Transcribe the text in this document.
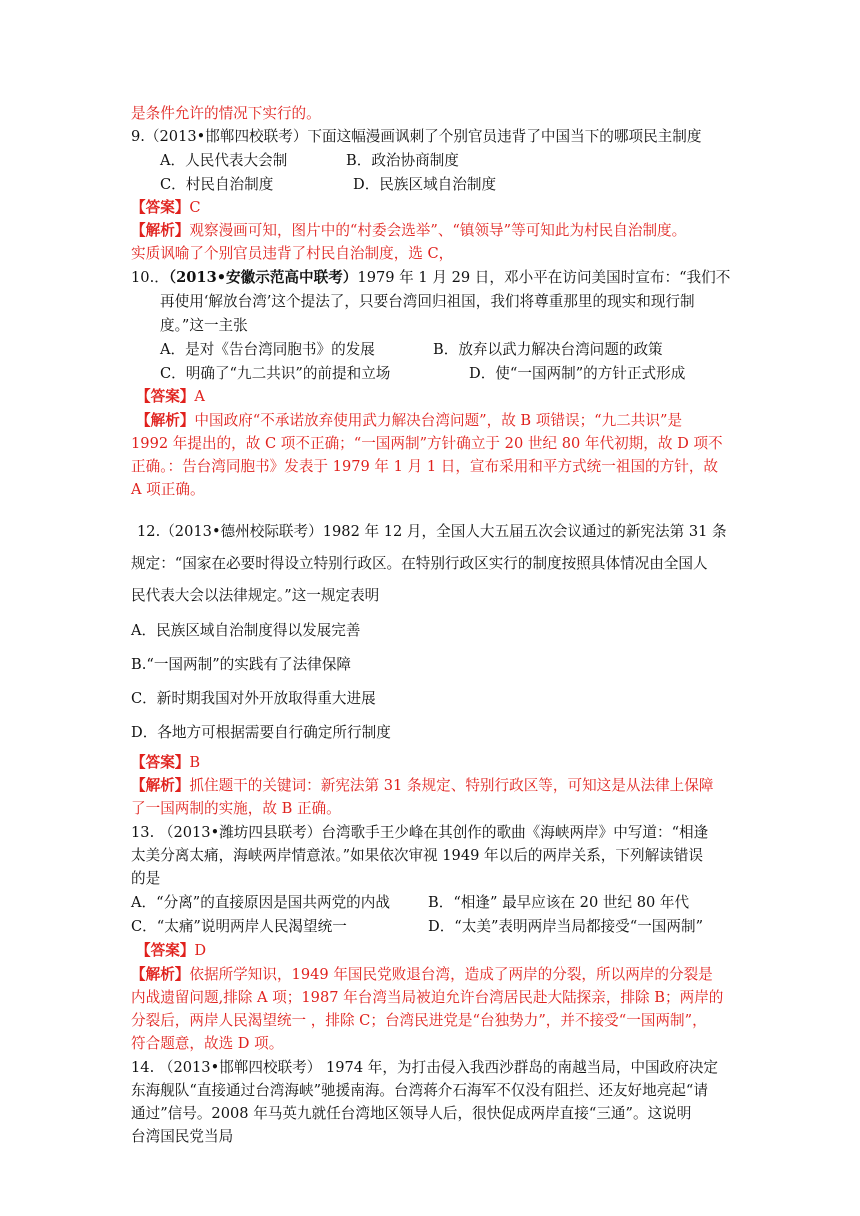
是条件允许的情况下实行的。
9.（2013•邯郸四校联考）下面这幅漫画讽刺了个别官员违背了中国当下的哪项民主制度
A．人民代表大会制	B．政治协商制度
C．村民自治制度	D．民族区域自治制度
【答案】C
【解析】观察漫画可知，图片中的“村委会选举”、“镇领导”等可知此为村民自治制度。
实质讽喻了个别官员违背了村民自治制度，选 C，
10.．（2013•安徽示范高中联考）1979 年 1 月 29 日，邓小平在访问美国时宣布：“我们不
再使用‘解放台湾’这个提法了，只要台湾回归祖国，我们将尊重那里的现实和现行制
度。”这一主张
A．是对《告台湾同胞书》的发展	B．放弃以武力解决台湾问题的政策
C．明确了“九二共识”的前提和立场	D．使“一国两制”的方针正式形成
【答案】A
【解析】中国政府“不承诺放弃使用武力解决台湾问题”，故 B 项错误；“九二共识”是
1992 年提出的，故 C 项不正确；“一国两制”方针确立于 20 世纪 80 年代初期，故 D 项不
正确。：告台湾同胞书》发表于 1979 年 1 月 1 日，宣布采用和平方式统一祖国的方针，故
A 项正确。
12.（2013•德州校际联考）1982 年 12 月，全国人大五届五次会议通过的新宪法第 31 条
规定：“国家在必要时得设立特别行政区。在特别行政区实行的制度按照具体情况由全国人
民代表大会以法律规定。”这一规定表明
A．民族区域自治制度得以发展完善
B.“一国两制”的实践有了法律保障
C．新时期我国对外开放取得重大进展
D．各地方可根据需要自行确定所行制度
【答案】B
【解析】抓住题干的关键词：新宪法第 31 条规定、特别行政区等，可知这是从法律上保障
了一国两制的实施，故 B 正确。
13. （2013•潍坊四县联考）台湾歌手王少峰在其创作的歌曲《海峡两岸》中写道：“相逢
太美分离太痛，海峡两岸情意浓。”如果依次审视 1949 年以后的两岸关系，下列解读错误
的是
A．“分离”的直接原因是国共两党的内战	B．“相逢” 最早应该在 20 世纪 80 年代
C．“太痛”说明两岸人民渴望统一	D．“太美”表明两岸当局都接受“一国两制”
【答案】D
【解析】依据所学知识，1949 年国民党败退台湾，造成了两岸的分裂，所以两岸的分裂是
内战遗留问题,排除 A 项；1987 年台湾当局被迫允许台湾居民赴大陆探亲，排除 B；两岸的
分裂后，两岸人民渴望统一 ，排除 C；台湾民进党是“台独势力”，并不接受“一国两制”，
符合题意，故选 D 项。
14. （2013•邯郸四校联考） 1974 年，为打击侵入我西沙群岛的南越当局，中国政府决定
东海舰队“直接通过台湾海峡”驰援南海。台湾蒋介石海军不仅没有阻拦、还友好地亮起“请
通过”信号。2008 年马英九就任台湾地区领导人后，很快促成两岸直接“三通”。这说明
台湾国民党当局
